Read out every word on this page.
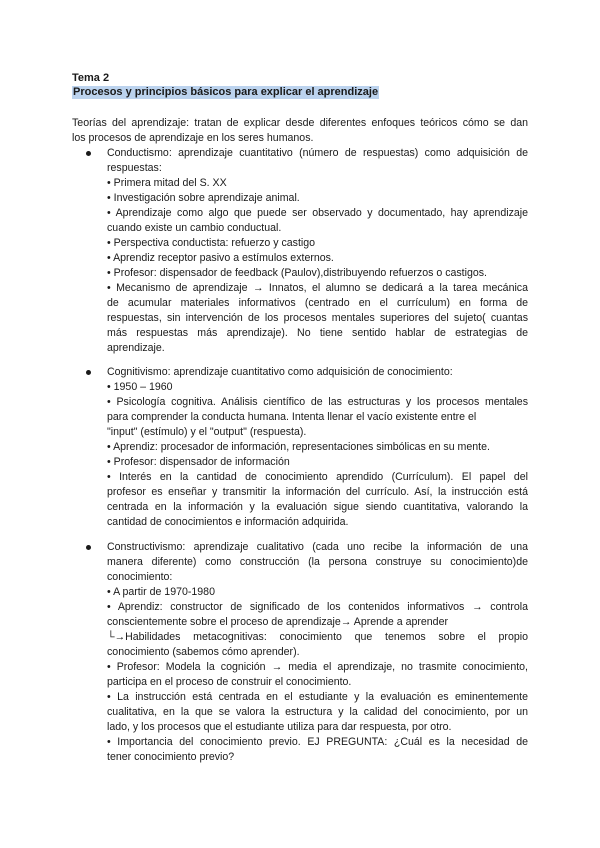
Tema 2
Procesos y principios básicos para explicar el aprendizaje
Teorías del aprendizaje: tratan de explicar desde diferentes enfoques teóricos cómo se dan
los procesos de aprendizaje en los seres humanos.
Conductismo: aprendizaje cuantitativo (número de respuestas) como adquisición de
respuestas:
• Primera mitad del S. XX
• Investigación sobre aprendizaje animal.
• Aprendizaje como algo que puede ser observado y documentado, hay aprendizaje
cuando existe un cambio conductual.
• Perspectiva conductista: refuerzo y castigo
• Aprendiz receptor pasivo a estímulos externos.
• Profesor: dispensador de feedback (Paulov),distribuyendo refuerzos o castigos.
• Mecanismo de aprendizaje → Innatos, el alumno se dedicará a la tarea mecánica
de acumular materiales informativos (centrado en el currículum) en forma de
respuestas, sin intervención de los procesos mentales superiores del sujeto( cuantas
más respuestas más aprendizaje). No tiene sentido hablar de estrategias de
aprendizaje.
Cognitivismo: aprendizaje cuantitativo como adquisición de conocimiento:
• 1950 – 1960
• Psicología cognitiva. Análisis científico de las estructuras y los procesos mentales
para comprender la conducta humana. Intenta llenar el vacío existente entre el
"input" (estímulo) y el "output" (respuesta).
• Aprendiz: procesador de información, representaciones simbólicas en su mente.
• Profesor: dispensador de información
• Interés en la cantidad de conocimiento aprendido (Currículum). El papel del
profesor es enseñar y transmitir la información del currículo. Así, la instrucción está
centrada en la información y la evaluación sigue siendo cuantitativa, valorando la
cantidad de conocimientos e información adquirida.
Constructivismo: aprendizaje cualitativo (cada uno recibe la información de una
manera diferente) como construcción (la persona construye su conocimiento)de
conocimiento:
• A partir de 1970-1980
• Aprendiz: constructor de significado de los contenidos informativos → controla
conscientemente sobre el proceso de aprendizaje→ Aprende a aprender
└→Habilidades metacognitivas: conocimiento que tenemos sobre el propio
conocimiento (sabemos cómo aprender).
• Profesor: Modela la cognición → media el aprendizaje, no trasmite conocimiento,
participa en el proceso de construir el conocimiento.
• La instrucción está centrada en el estudiante y la evaluación es eminentemente
cualitativa, en la que se valora la estructura y la calidad del conocimiento, por un
lado, y los procesos que el estudiante utiliza para dar respuesta, por otro.
• Importancia del conocimiento previo. EJ PREGUNTA: ¿Cuál es la necesidad de
tener conocimiento previo?
